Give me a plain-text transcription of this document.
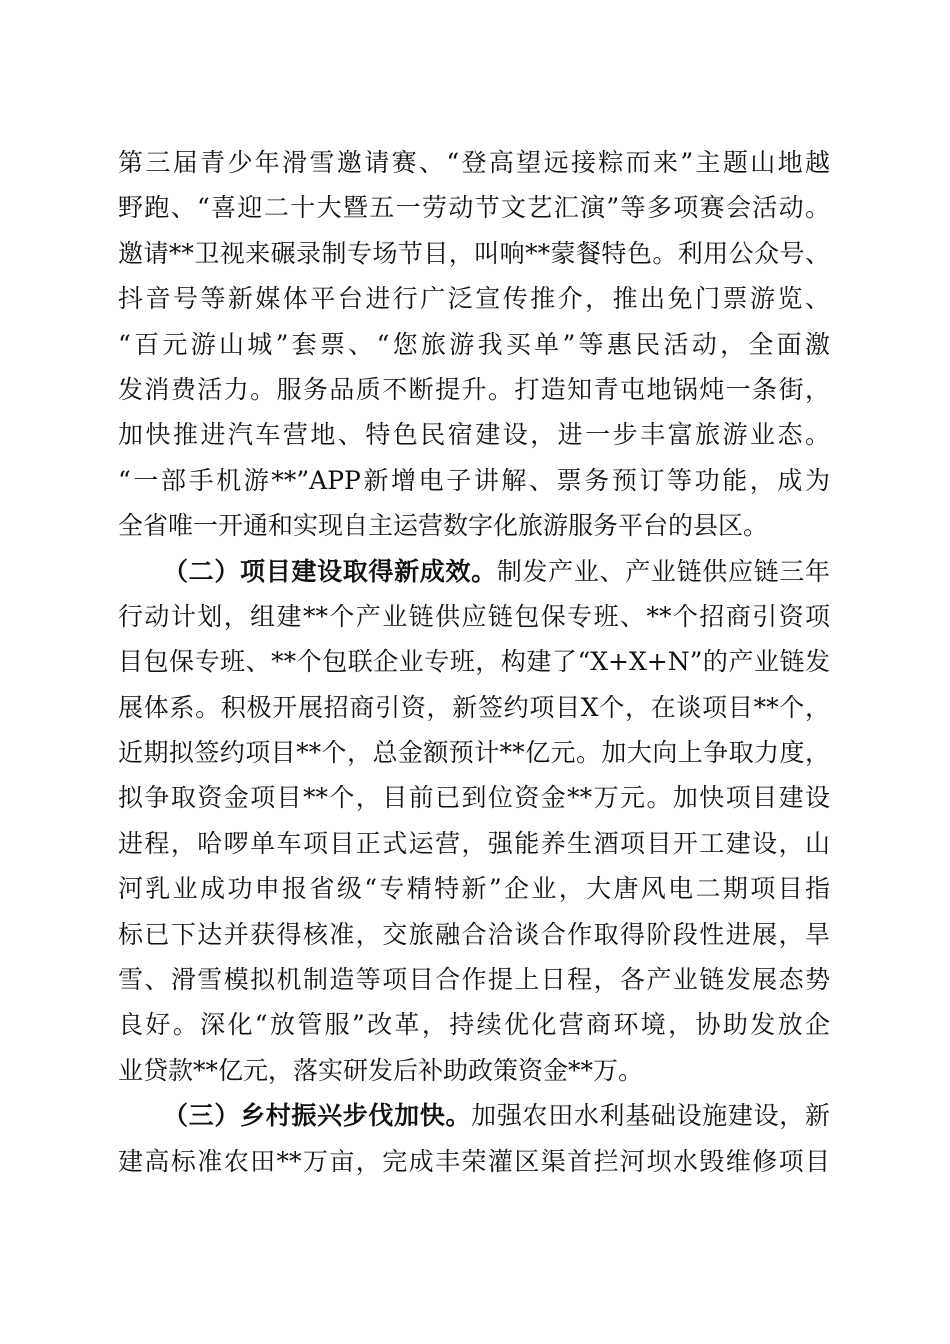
第三届青少年滑雪邀请赛、“登高望远接粽而来”主题山地越
野跑、“喜迎二十大暨五一劳动节文艺汇演”等多项赛会活动。
邀请**卫视来碾录制专场节目，叫响**蒙餐特色。利用公众号、
抖音号等新媒体平台进行广泛宣传推介，推出免门票游览、
“百元游山城”套票、“您旅游我买单”等惠民活动，全面激
发消费活力。服务品质不断提升。打造知青屯地锅炖一条街，
加快推进汽车营地、特色民宿建设，进一步丰富旅游业态。
“一部手机游**”APP新增电子讲解、票务预订等功能，成为
全省唯一开通和实现自主运营数字化旅游服务平台的县区。
（二）项目建设取得新成效。制发产业、产业链供应链三年
行动计划，组建**个产业链供应链包保专班、**个招商引资项
目包保专班、**个包联企业专班，构建了“X+X+N”的产业链发
展体系。积极开展招商引资，新签约项目X个，在谈项目**个，
近期拟签约项目**个，总金额预计**亿元。加大向上争取力度，
拟争取资金项目**个，目前已到位资金**万元。加快项目建设
进程，哈啰单车项目正式运营，强能养生酒项目开工建设，山
河乳业成功申报省级“专精特新”企业，大唐风电二期项目指
标已下达并获得核准，交旅融合洽谈合作取得阶段性进展，旱
雪、滑雪模拟机制造等项目合作提上日程，各产业链发展态势
良好。深化“放管服”改革，持续优化营商环境，协助发放企
业贷款**亿元，落实研发后补助政策资金**万。
（三）乡村振兴步伐加快。加强农田水利基础设施建设，新
建高标准农田**万亩，完成丰荣灌区渠首拦河坝水毁维修项目
